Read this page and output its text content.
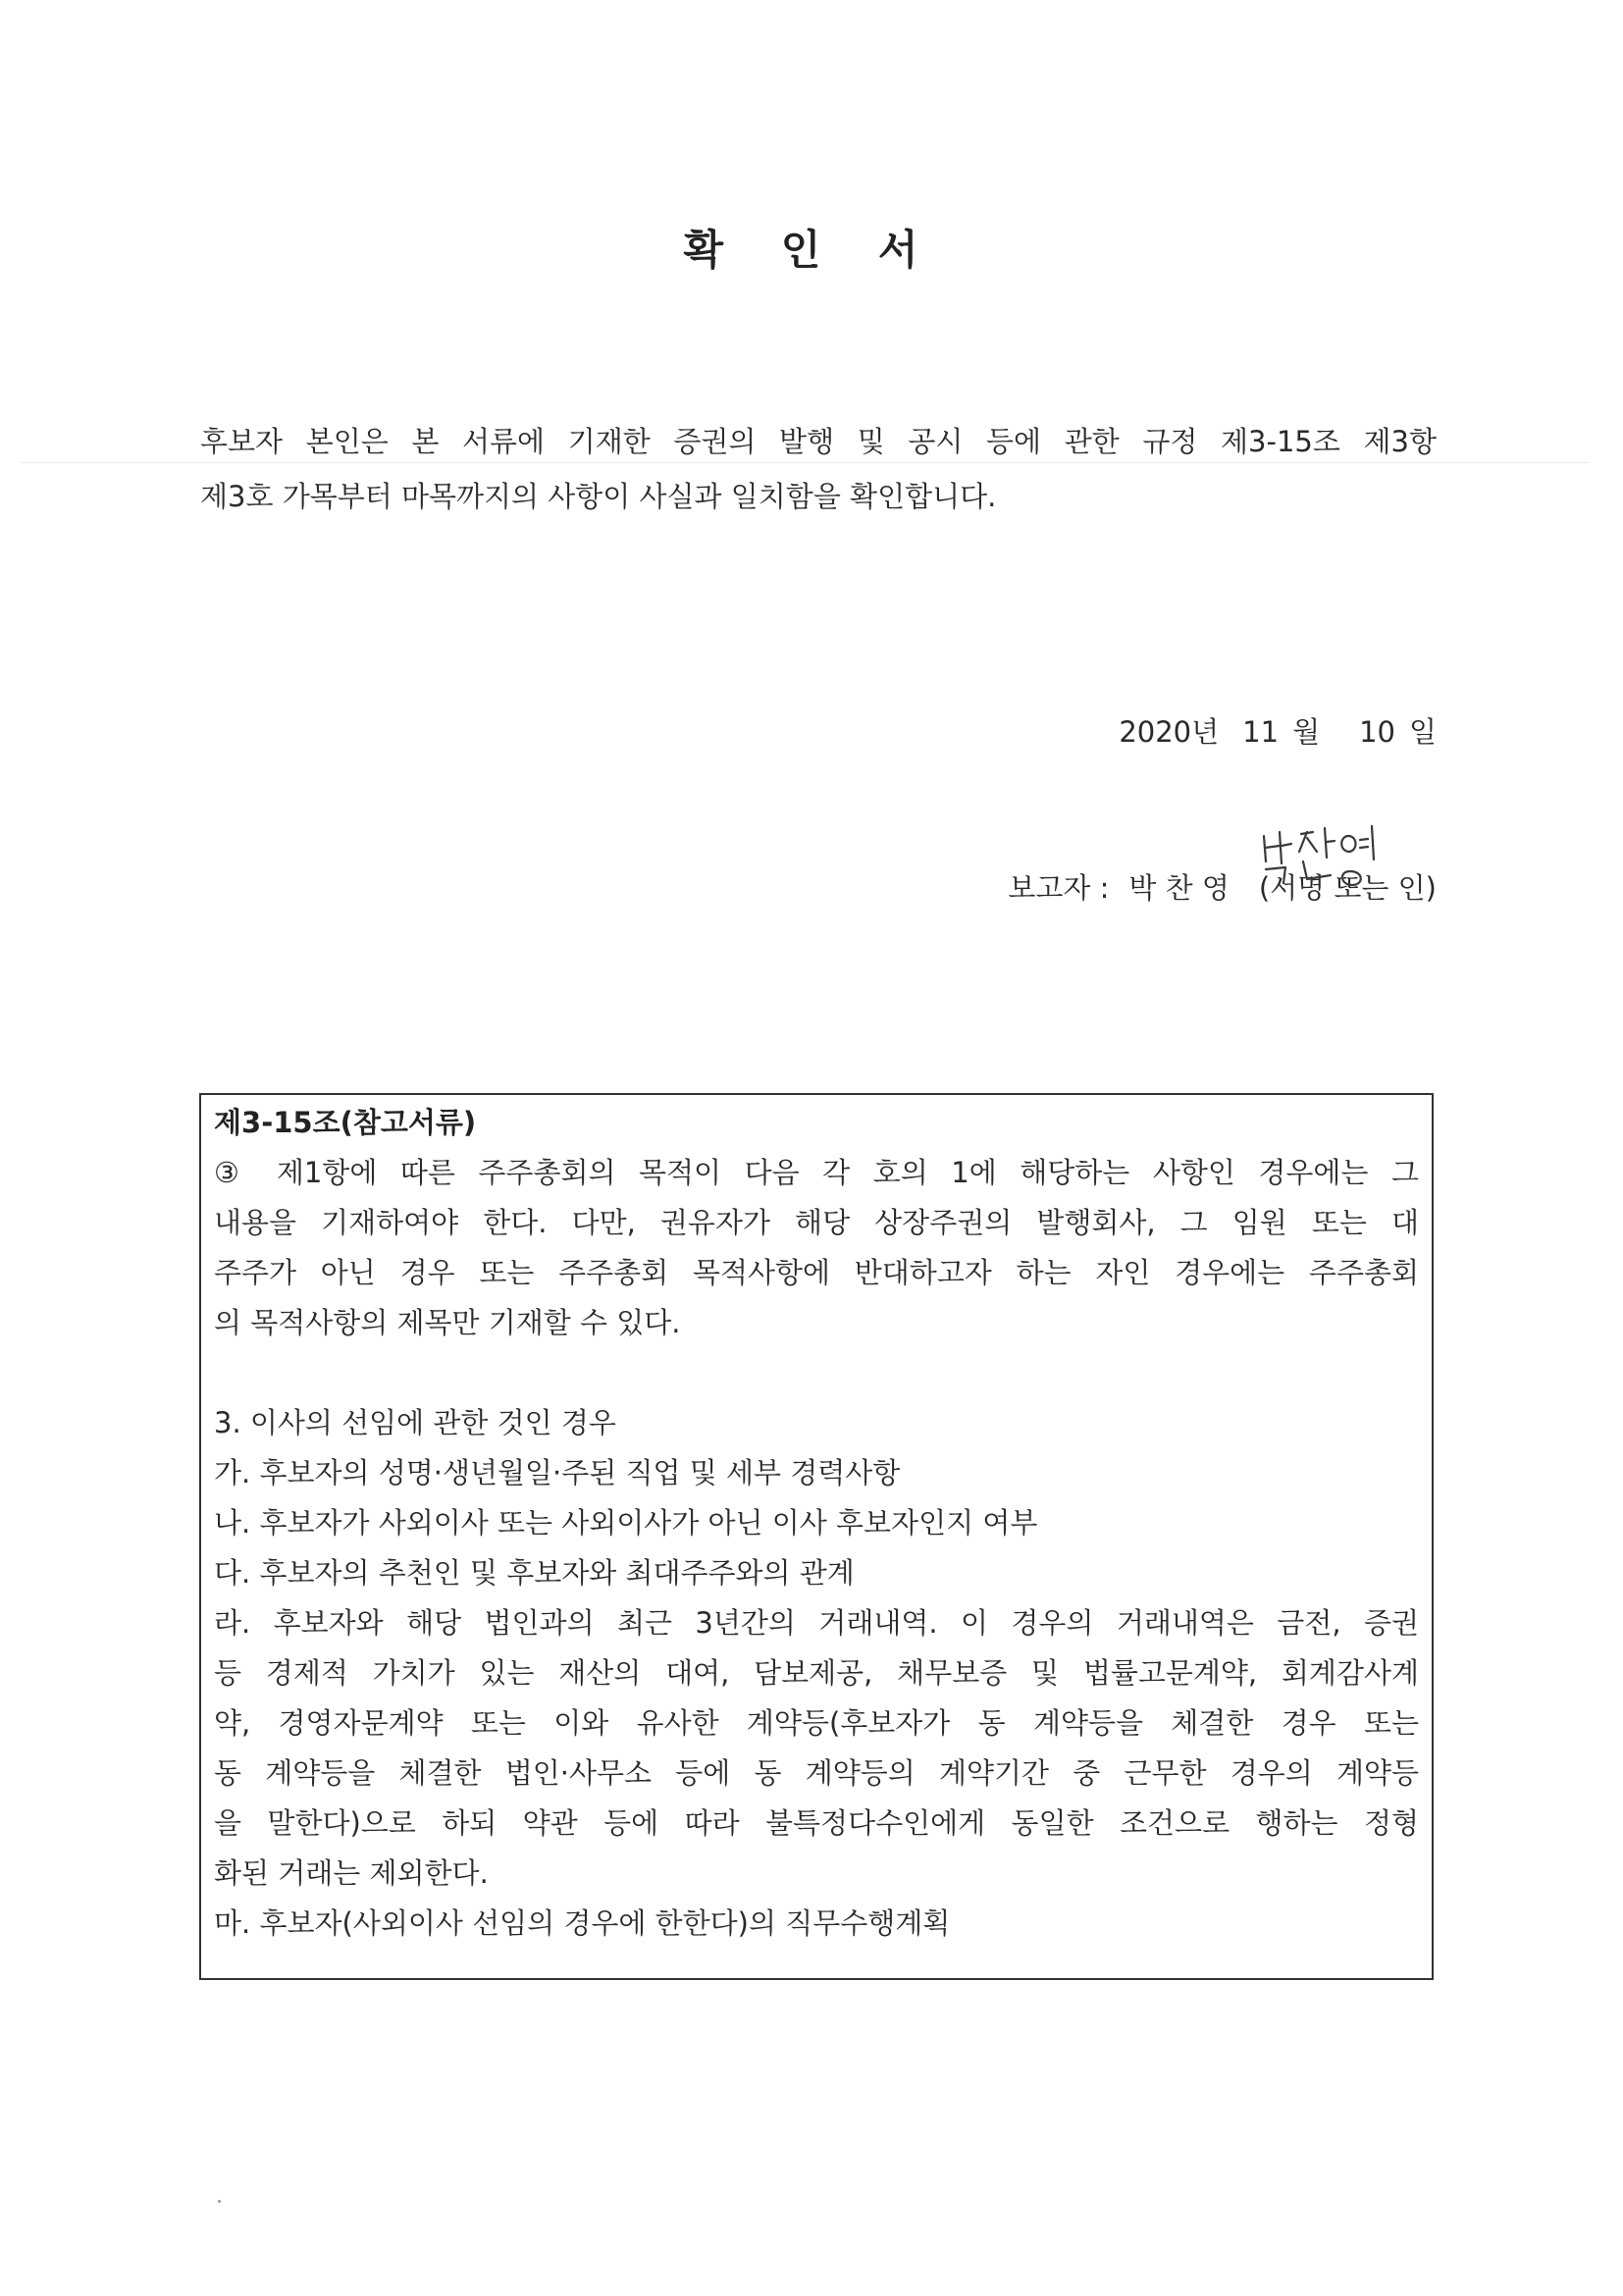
확 인 서

후보자 본인은 본 서류에 기재한 증권의 발행 및 공시 등에 관한 규정 제3-15조 제3항

제3호 가목부터 마목까지의 사항이 사실과 일치함을 확인합니다.

2020년 11 월 10 일
보고자 : 박 찬 영 (서명 또는 인)
제3-15조(참고서류)

③ 제1항에 따른 주주총회의 목적이 다음 각 호의 1에 해당하는 사항인 경우에는 그

내용을 기재하여야 한다. 다만, 권유자가 해당 상장주권의 발행회사, 그 임원 또는 대

주주가 아닌 경우 또는 주주총회 목적사항에 반대하고자 하는 자인 경우에는 주주총회

의 목적사항의 제목만 기재할 수 있다.

3. 이사의 선임에 관한 것인 경우

가. 후보자의 성명·생년월일·주된 직업 및 세부 경력사항

나. 후보자가 사외이사 또는 사외이사가 아닌 이사 후보자인지 여부

다. 후보자의 추천인 및 후보자와 최대주주와의 관계

라. 후보자와 해당 법인과의 최근 3년간의 거래내역. 이 경우의 거래내역은 금전, 증권

등 경제적 가치가 있는 재산의 대여, 담보제공, 채무보증 및 법률고문계약, 회계감사계

약, 경영자문계약 또는 이와 유사한 계약등(후보자가 동 계약등을 체결한 경우 또는

동 계약등을 체결한 법인·사무소 등에 동 계약등의 계약기간 중 근무한 경우의 계약등

을 말한다)으로 하되 약관 등에 따라 불특정다수인에게 동일한 조건으로 행하는 정형

화된 거래는 제외한다.

마. 후보자(사외이사 선임의 경우에 한한다)의 직무수행계획
